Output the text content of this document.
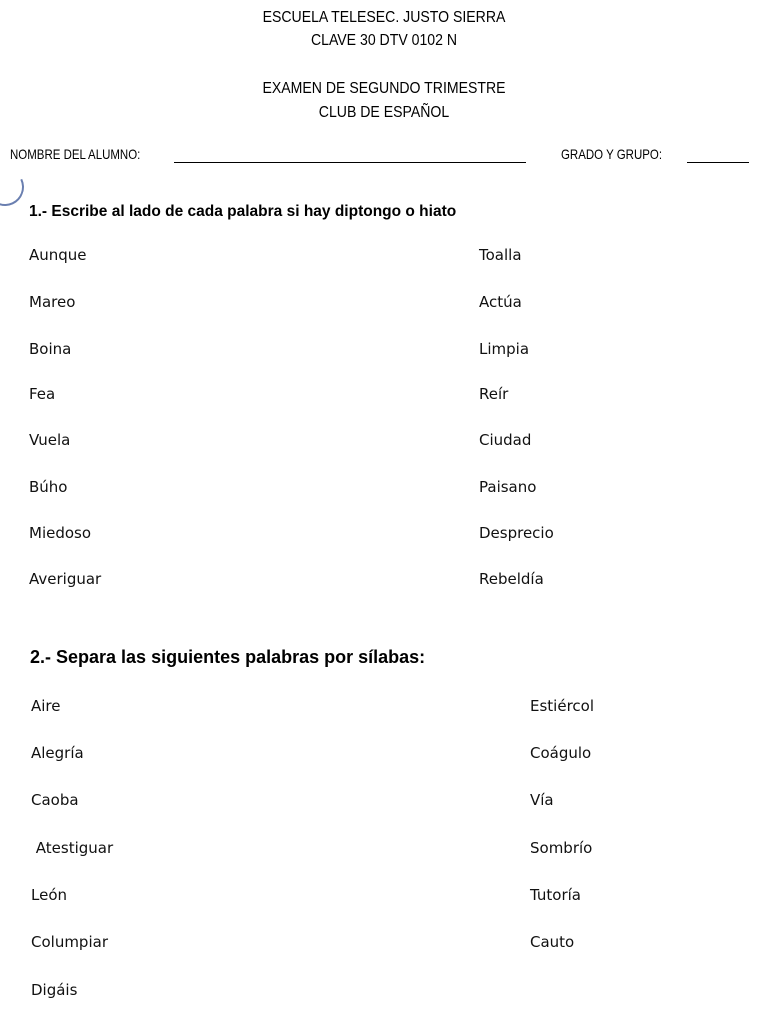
ESCUELA TELESEC. JUSTO SIERRA
CLAVE 30 DTV 0102 N
EXAMEN DE SEGUNDO TRIMESTRE
CLUB DE ESPAÑOL
NOMBRE DEL ALUMNO:	GRADO Y GRUPO:
1.- Escribe al lado de cada palabra si hay diptongo o hiato
Aunque
Mareo
Boina
Fea
Vuela
Búho
Miedoso
Averiguar
Toalla
Actúa
Limpia
Reír
Ciudad
Paisano
Desprecio
Rebeldía
2.- Separa las siguientes palabras por sílabas:
Aire
Alegría
Caoba
Atestiguar
León
Columpiar
Digáis
Estiércol
Coágulo
Vía
Sombrío
Tutoría
Cauto
